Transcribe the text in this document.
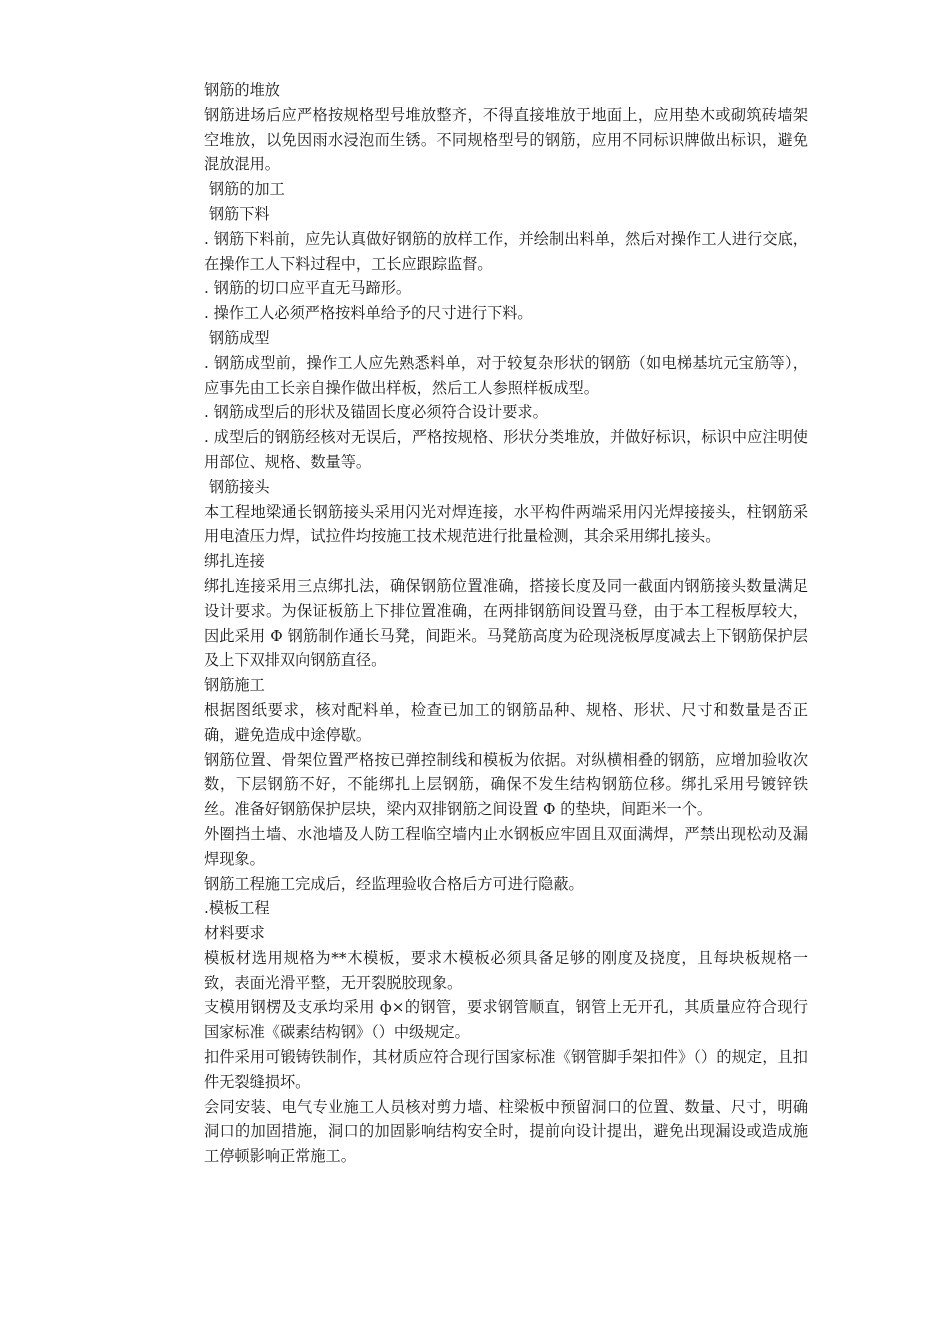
钢筋的堆放
钢筋进场后应严格按规格型号堆放整齐，不得直接堆放于地面上，应用垫木或砌筑砖墙架空堆放，以免因雨水浸泡而生锈。不同规格型号的钢筋，应用不同标识牌做出标识，避免混放混用。
钢筋的加工
钢筋下料
. 钢筋下料前，应先认真做好钢筋的放样工作，并绘制出料单，然后对操作工人进行交底，在操作工人下料过程中，工长应跟踪监督。
. 钢筋的切口应平直无马蹄形。
. 操作工人必须严格按料单给予的尺寸进行下料。
钢筋成型
. 钢筋成型前，操作工人应先熟悉料单，对于较复杂形状的钢筋（如电梯基坑元宝筋等），应事先由工长亲自操作做出样板，然后工人参照样板成型。
. 钢筋成型后的形状及锚固长度必须符合设计要求。
. 成型后的钢筋经核对无误后，严格按规格、形状分类堆放，并做好标识，标识中应注明使用部位、规格、数量等。
钢筋接头
本工程地梁通长钢筋接头采用闪光对焊连接，水平构件两端采用闪光焊接接头，柱钢筋采用电渣压力焊，试拉件均按施工技术规范进行批量检测，其余采用绑扎接头。
绑扎连接
绑扎连接采用三点绑扎法，确保钢筋位置准确，搭接长度及同一截面内钢筋接头数量满足设计要求。为保证板筋上下排位置准确，在两排钢筋间设置马登，由于本工程板厚较大，因此采用 Φ 钢筋制作通长马凳，间距米。马凳筋高度为砼现浇板厚度减去上下钢筋保护层及上下双排双向钢筋直径。
钢筋施工
根据图纸要求，核对配料单，检查已加工的钢筋品种、规格、形状、尺寸和数量是否正确，避免造成中途停歇。
钢筋位置、骨架位置严格按已弹控制线和模板为依据。对纵横相叠的钢筋，应增加验收次数，下层钢筋不好，不能绑扎上层钢筋，确保不发生结构钢筋位移。绑扎采用号镀锌铁丝。准备好钢筋保护层块，梁内双排钢筋之间设置 Φ 的垫块，间距米一个。
外圈挡土墙、水池墙及人防工程临空墙内止水钢板应牢固且双面满焊，严禁出现松动及漏焊现象。
钢筋工程施工完成后，经监理验收合格后方可进行隐蔽。
.模板工程
材料要求
模板材选用规格为**木模板，要求木模板必须具备足够的刚度及挠度，且每块板规格一致，表面光滑平整，无开裂脱胶现象。
支模用钢楞及支承均采用 ф×的钢管，要求钢管顺直，钢管上无开孔，其质量应符合现行国家标准《碳素结构钢》（）中级规定。
扣件采用可锻铸铁制作，其材质应符合现行国家标准《钢管脚手架扣件》（）的规定，且扣件无裂缝损坏。
会同安装、电气专业施工人员核对剪力墙、柱梁板中预留洞口的位置、数量、尺寸，明确洞口的加固措施，洞口的加固影响结构安全时，提前向设计提出，避免出现漏设或造成施工停顿影响正常施工。
